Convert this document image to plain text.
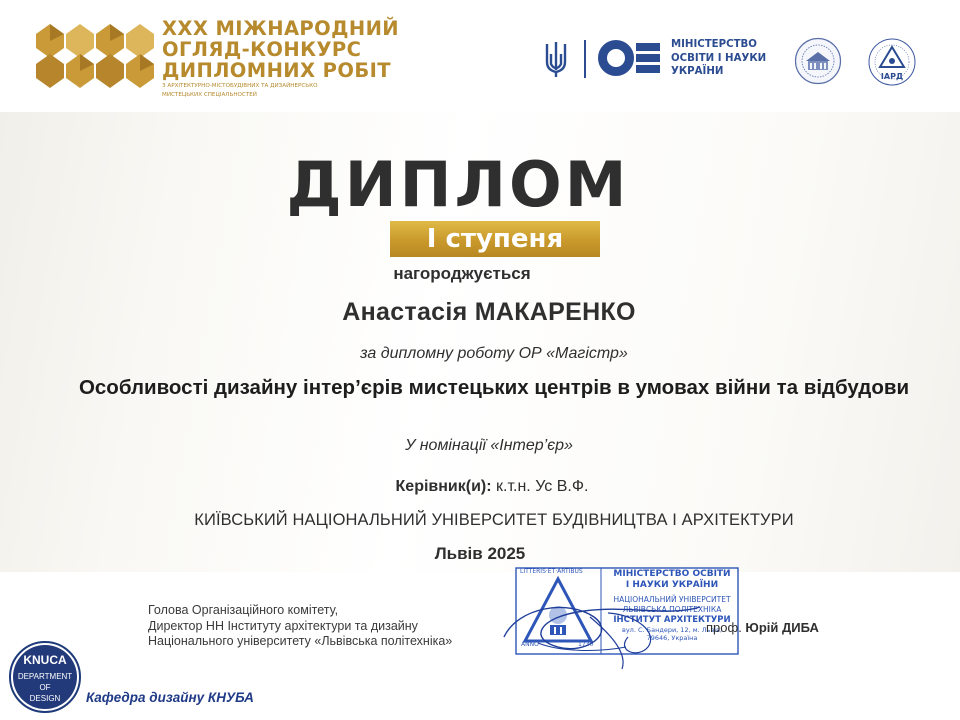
XXX МІЖНАРОДНИЙ
ОГЛЯД-КОНКУРС
ДИПЛОМНИХ РОБІТ
З АРХІТЕКТУРНО-МІСТОБУДІВНИХ ТА ДИЗАЙНЕРСЬКО
МИСТЕЦЬКИХ СПЕЦІАЛЬНОСТЕЙ
МІНІСТЕРСТВО
ОСВІТИ І НАУКИ
УКРАЇНИ	ІАРД
ДИПЛОМ
І ступеня
нагороджується
Анастасія МАКАРЕНКО
за дипломну роботу ОР «Магістр»
Особливості дизайну інтер’єрів мистецьких центрів в умовах війни та відбудови
У номінації «Інтер’єр»
Керівник(и): к.т.н. Ус В.Ф.
КИЇВСЬКИЙ НАЦІОНАЛЬНИЙ УНІВЕРСИТЕТ БУДІВНИЦТВА І АРХІТЕКТУРИ
Львів 2025
Голова Організаційного комітету,
Директор НН Інституту архітектури та дизайну
Національного університету «Львівська політехніка»
LITTERIS·ET·ARTIBUS
ANNO	1730
МІНІСТЕРСТВО ОСВІТИ
І НАУКИ УКРАЇНИ
НАЦІОНАЛЬНИЙ УНІВЕРСИТЕТ
ЛЬВІВСЬКА ПОЛІТЕХНІКА
ІНСТИТУТ АРХІТЕКТУРИ
вул. С. Бандери, 12, м. Львів,
79646, Україна
проф. Юрій ДИБА
KNUCA
DEPARTMENT
OF
DESIGN	Кафедра дизайну КНУБА
